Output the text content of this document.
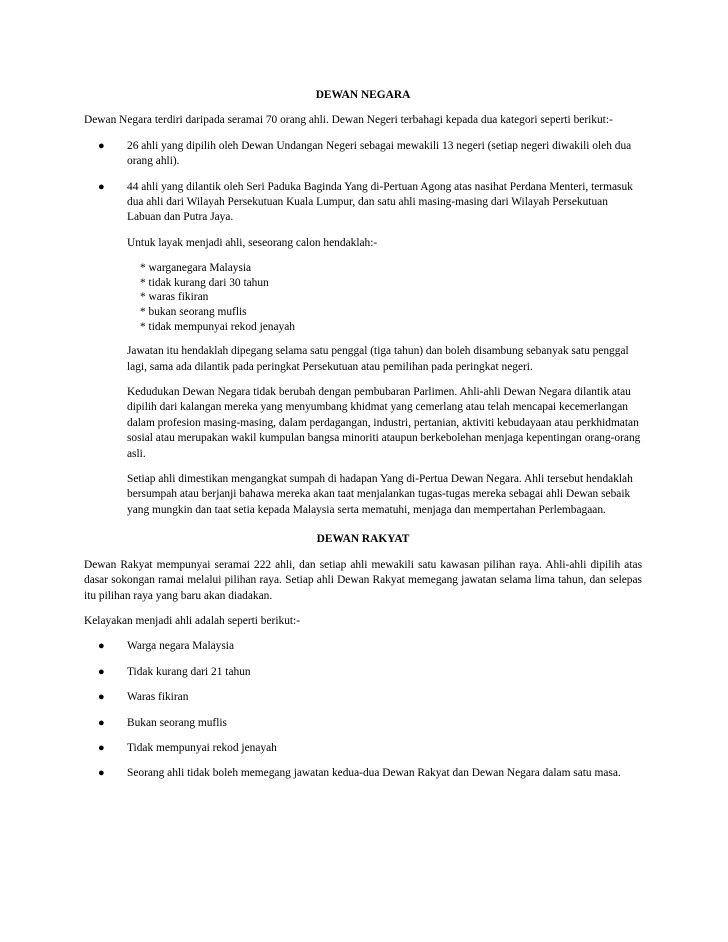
DEWAN NEGARA

Dewan Negara terdiri daripada seramai 70 orang ahli. Dewan Negeri terbahagi kepada dua kategori seperti berikut:-

● 26 ahli yang dipilih oleh Dewan Undangan Negeri sebagai mewakili 13 negeri (setiap negeri diwakili oleh dua orang ahli).
● 44 ahli yang dilantik oleh Seri Paduka Baginda Yang di-Pertuan Agong atas nasihat Perdana Menteri, termasuk dua ahli dari Wilayah Persekutuan Kuala Lumpur, dan satu ahli masing-masing dari Wilayah Persekutuan Labuan dan Putra Jaya.

Untuk layak menjadi ahli, seseorang calon hendaklah:-

* warganegara Malaysia
* tidak kurang dari 30 tahun
* waras fikiran
* bukan seorang muflis
* tidak mempunyai rekod jenayah

Jawatan itu hendaklah dipegang selama satu penggal (tiga tahun) dan boleh disambung sebanyak satu penggal lagi, sama ada dilantik pada peringkat Persekutuan atau pemilihan pada peringkat negeri.

Kedudukan Dewan Negara tidak berubah dengan pembubaran Parlimen. Ahli-ahli Dewan Negara dilantik atau dipilih dari kalangan mereka yang menyumbang khidmat yang cemerlang atau telah mencapai kecemerlangan dalam profesion masing-masing, dalam perdagangan, industri, pertanian, aktiviti kebudayaan atau perkhidmatan sosial atau merupakan wakil kumpulan bangsa minoriti ataupun berkebolehan menjaga kepentingan orang-orang asli.

Setiap ahli dimestikan mengangkat sumpah di hadapan Yang di-Pertua Dewan Negara. Ahli tersebut hendaklah bersumpah atau berjanji bahawa mereka akan taat menjalankan tugas-tugas mereka sebagai ahli Dewan sebaik yang mungkin dan taat setia kepada Malaysia serta mematuhi, menjaga dan mempertahan Perlembagaan.

DEWAN RAKYAT

Dewan Rakyat mempunyai seramai 222 ahli, dan setiap ahli mewakili satu kawasan pilihan raya. Ahli-ahli dipilih atas dasar sokongan ramai melalui pilihan raya. Setiap ahli Dewan Rakyat memegang jawatan selama lima tahun, dan selepas itu pilihan raya yang baru akan diadakan.

Kelayakan menjadi ahli adalah seperti berikut:-

● Warga negara Malaysia
● Tidak kurang dari 21 tahun
● Waras fikiran
● Bukan seorang muflis
● Tidak mempunyai rekod jenayah
● Seorang ahli tidak boleh memegang jawatan kedua-dua Dewan Rakyat dan Dewan Negara dalam satu masa.
